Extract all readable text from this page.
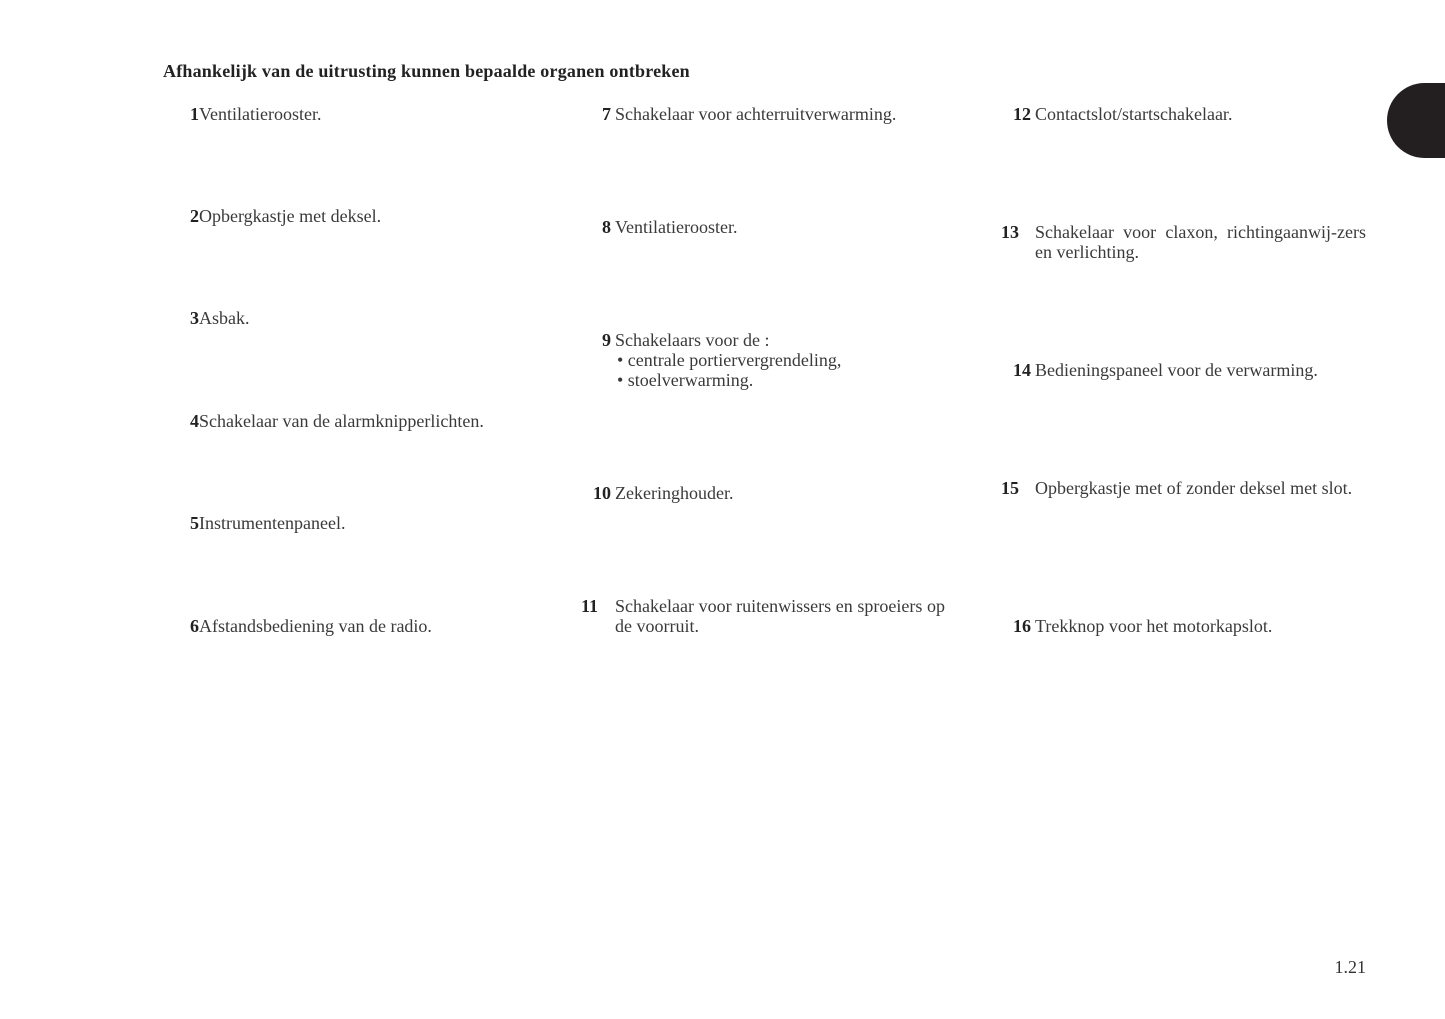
Afhankelijk van de uitrusting kunnen bepaalde organen ontbreken
1 Ventilatierooster.
2 Opbergkastje met deksel.
3 Asbak.
4 Schakelaar van de alarmknipperlichten.
5 Instrumentenpaneel.
6 Afstandsbediening van de radio.
7 Schakelaar voor achterruitverwarming.
8 Ventilatierooster.
9 Schakelaars voor de :
• centrale portiervergrendeling,
• stoelverwarming.
10 Zekeringhouder.
11 Schakelaar voor ruitenwissers en sproeiers op de voorruit.
12 Contactslot/startschakelaar.
13 Schakelaar voor claxon, richtingaanwij-zers en verlichting.
14 Bedieningspaneel voor de verwarming.
15 Opbergkastje met of zonder deksel met slot.
16 Trekknop voor het motorkapslot.
1.21
